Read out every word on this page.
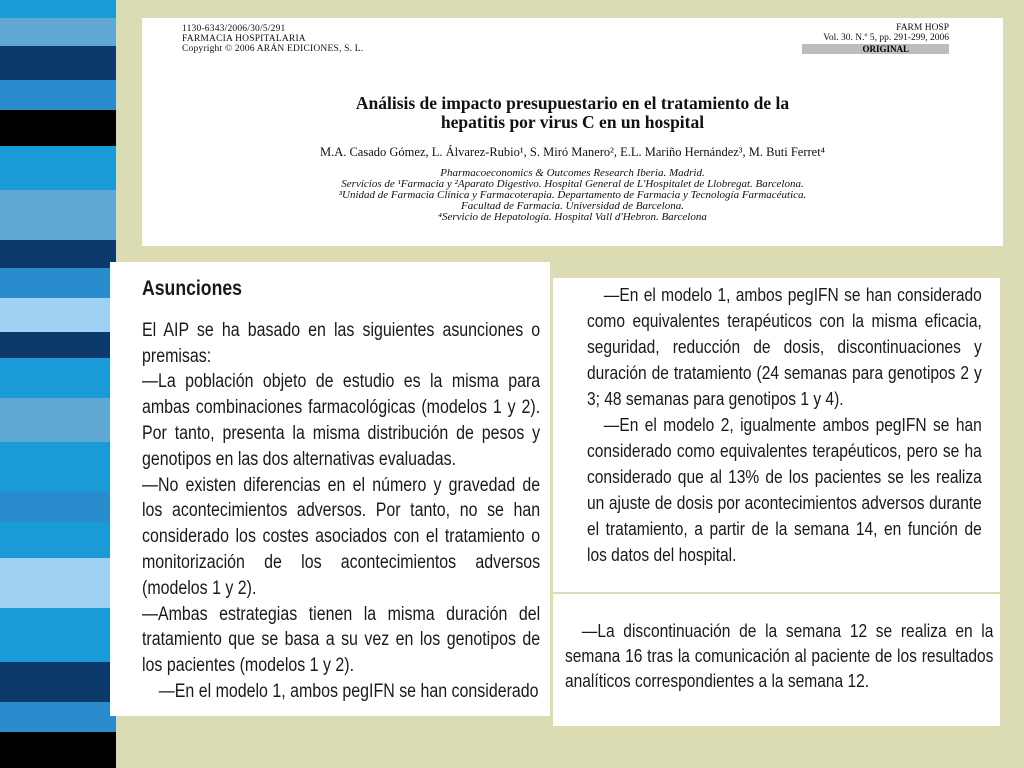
1130-6343/2006/30/5/291
FARMACIA HOSPITALARIA
Copyright © 2006 ARÁN EDICIONES, S. L.
FARM HOSP
Vol. 30. N.º 5, pp. 291-299, 2006
ORIGINAL
Análisis de impacto presupuestario en el tratamiento de la
hepatitis por virus C en un hospital
M.A. Casado Gómez, L. Álvarez-Rubio¹, S. Miró Manero², E.L. Mariño Hernández³, M. Buti Ferret⁴
Pharmacoeconomics & Outcomes Research Iberia. Madrid.
Servicios de ¹Farmacia y ²Aparato Digestivo. Hospital General de L'Hospitalet de Llobregat. Barcelona.
³Unidad de Farmacia Clínica y Farmacoterapia. Departamento de Farmacia y Tecnología Farmacéutica.
Facultad de Farmacia. Universidad de Barcelona.
⁴Servicio de Hepatología. Hospital Vall d'Hebron. Barcelona
Asunciones

El AIP se ha basado en las siguientes asunciones o premisas:

—La población objeto de estudio es la misma para ambas combinaciones farmacológicas (modelos 1 y 2). Por tanto, presenta la misma distribución de pesos y genotipos en las dos alternativas evaluadas.

—No existen diferencias en el número y gravedad de los acontecimientos adversos. Por tanto, no se han considerado los costes asociados con el tratamiento o monitorización de los acontecimientos adversos (modelos 1 y 2).

—Ambas estrategias tienen la misma duración del tratamiento que se basa a su vez en los genotipos de los pacientes (modelos 1 y 2).

—En el modelo 1, ambos pegIFN se han considerado

—En el modelo 1, ambos pegIFN se han considerado como equivalentes terapéuticos con la misma eficacia, seguridad, reducción de dosis, discontinuaciones y duración de tratamiento (24 semanas para genotipos 2 y 3; 48 semanas para genotipos 1 y 4).

—En el modelo 2, igualmente ambos pegIFN se han considerado como equivalentes terapéuticos, pero se ha considerado que al 13% de los pacientes se les realiza un ajuste de dosis por acontecimientos adversos durante el tratamiento, a partir de la semana 14, en función de los datos del hospital.

—La discontinuación de la semana 12 se realiza en la semana 16 tras la comunicación al paciente de los resultados analíticos correspondientes a la semana 12.
